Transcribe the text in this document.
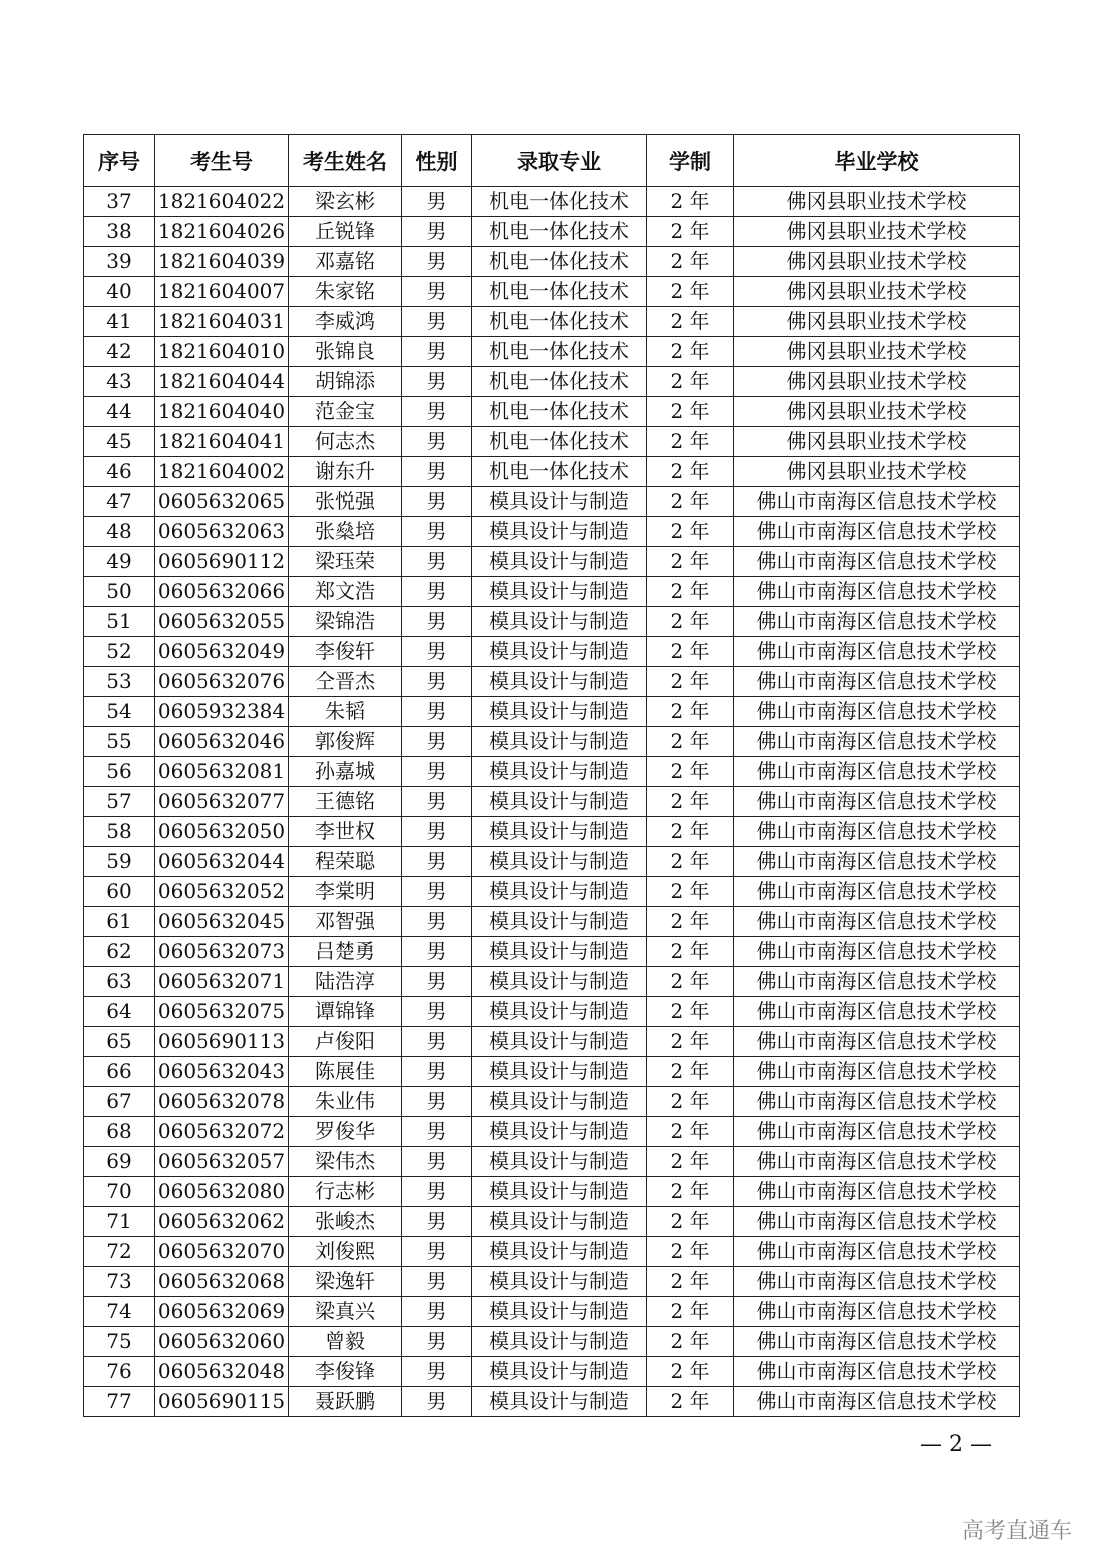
序号	考生号	考生姓名	性别	录取专业	学制	毕业学校
37	1821604022	梁玄彬	男	机电一体化技术	2 年	佛冈县职业技术学校
38	1821604026	丘锐锋	男	机电一体化技术	2 年	佛冈县职业技术学校
39	1821604039	邓嘉铭	男	机电一体化技术	2 年	佛冈县职业技术学校
40	1821604007	朱家铭	男	机电一体化技术	2 年	佛冈县职业技术学校
41	1821604031	李威鸿	男	机电一体化技术	2 年	佛冈县职业技术学校
42	1821604010	张锦良	男	机电一体化技术	2 年	佛冈县职业技术学校
43	1821604044	胡锦添	男	机电一体化技术	2 年	佛冈县职业技术学校
44	1821604040	范金宝	男	机电一体化技术	2 年	佛冈县职业技术学校
45	1821604041	何志杰	男	机电一体化技术	2 年	佛冈县职业技术学校
46	1821604002	谢东升	男	机电一体化技术	2 年	佛冈县职业技术学校
47	0605632065	张悦强	男	模具设计与制造	2 年	佛山市南海区信息技术学校
48	0605632063	张燊培	男	模具设计与制造	2 年	佛山市南海区信息技术学校
49	0605690112	梁珏荣	男	模具设计与制造	2 年	佛山市南海区信息技术学校
50	0605632066	郑文浩	男	模具设计与制造	2 年	佛山市南海区信息技术学校
51	0605632055	梁锦浩	男	模具设计与制造	2 年	佛山市南海区信息技术学校
52	0605632049	李俊轩	男	模具设计与制造	2 年	佛山市南海区信息技术学校
53	0605632076	仝晋杰	男	模具设计与制造	2 年	佛山市南海区信息技术学校
54	0605932384	朱韬	男	模具设计与制造	2 年	佛山市南海区信息技术学校
55	0605632046	郭俊辉	男	模具设计与制造	2 年	佛山市南海区信息技术学校
56	0605632081	孙嘉城	男	模具设计与制造	2 年	佛山市南海区信息技术学校
57	0605632077	王德铭	男	模具设计与制造	2 年	佛山市南海区信息技术学校
58	0605632050	李世权	男	模具设计与制造	2 年	佛山市南海区信息技术学校
59	0605632044	程荣聪	男	模具设计与制造	2 年	佛山市南海区信息技术学校
60	0605632052	李棠明	男	模具设计与制造	2 年	佛山市南海区信息技术学校
61	0605632045	邓智强	男	模具设计与制造	2 年	佛山市南海区信息技术学校
62	0605632073	吕楚勇	男	模具设计与制造	2 年	佛山市南海区信息技术学校
63	0605632071	陆浩淳	男	模具设计与制造	2 年	佛山市南海区信息技术学校
64	0605632075	谭锦锋	男	模具设计与制造	2 年	佛山市南海区信息技术学校
65	0605690113	卢俊阳	男	模具设计与制造	2 年	佛山市南海区信息技术学校
66	0605632043	陈展佳	男	模具设计与制造	2 年	佛山市南海区信息技术学校
67	0605632078	朱业伟	男	模具设计与制造	2 年	佛山市南海区信息技术学校
68	0605632072	罗俊华	男	模具设计与制造	2 年	佛山市南海区信息技术学校
69	0605632057	梁伟杰	男	模具设计与制造	2 年	佛山市南海区信息技术学校
70	0605632080	行志彬	男	模具设计与制造	2 年	佛山市南海区信息技术学校
71	0605632062	张峻杰	男	模具设计与制造	2 年	佛山市南海区信息技术学校
72	0605632070	刘俊熙	男	模具设计与制造	2 年	佛山市南海区信息技术学校
73	0605632068	梁逸轩	男	模具设计与制造	2 年	佛山市南海区信息技术学校
74	0605632069	梁真兴	男	模具设计与制造	2 年	佛山市南海区信息技术学校
75	0605632060	曾毅	男	模具设计与制造	2 年	佛山市南海区信息技术学校
76	0605632048	李俊锋	男	模具设计与制造	2 年	佛山市南海区信息技术学校
77	0605690115	聂跃鹏	男	模具设计与制造	2 年	佛山市南海区信息技术学校
— 2 —
高考直通车
